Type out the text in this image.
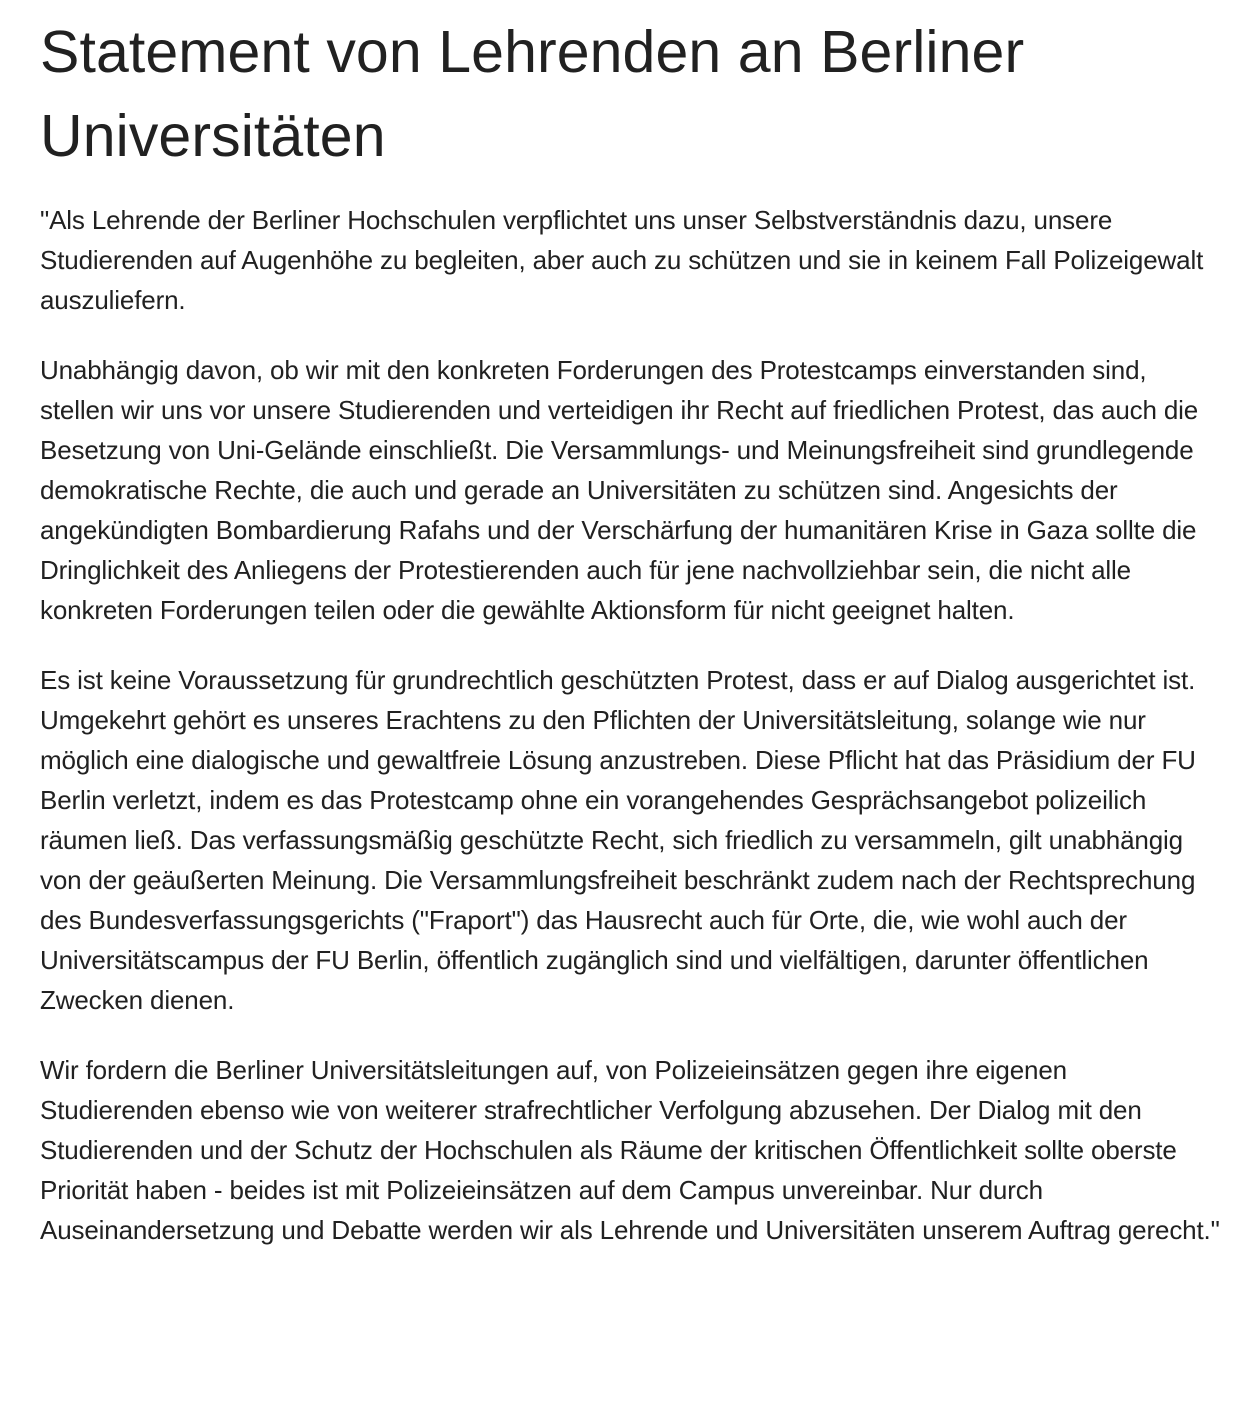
Statement von Lehrenden an Berliner Universitäten

"Als Lehrende der Berliner Hochschulen verpflichtet uns unser Selbstverständnis dazu, unsere Studierenden auf Augenhöhe zu begleiten, aber auch zu schützen und sie in keinem Fall Polizeigewalt auszuliefern.

Unabhängig davon, ob wir mit den konkreten Forderungen des Protestcamps einverstanden sind, stellen wir uns vor unsere Studierenden und verteidigen ihr Recht auf friedlichen Protest, das auch die Besetzung von Uni-Gelände einschließt. Die Versammlungs- und Meinungsfreiheit sind grundlegende demokratische Rechte, die auch und gerade an Universitäten zu schützen sind. Angesichts der angekündigten Bombardierung Rafahs und der Verschärfung der humanitären Krise in Gaza sollte die Dringlichkeit des Anliegens der Protestierenden auch für jene nachvollziehbar sein, die nicht alle konkreten Forderungen teilen oder die gewählte Aktionsform für nicht geeignet halten.

Es ist keine Voraussetzung für grundrechtlich geschützten Protest, dass er auf Dialog ausgerichtet ist. Umgekehrt gehört es unseres Erachtens zu den Pflichten der Universitätsleitung, solange wie nur möglich eine dialogische und gewaltfreie Lösung anzustreben. Diese Pflicht hat das Präsidium der FU Berlin verletzt, indem es das Protestcamp ohne ein vorangehendes Gesprächsangebot polizeilich räumen ließ. Das verfassungsmäßig geschützte Recht, sich friedlich zu versammeln, gilt unabhängig von der geäußerten Meinung. Die Versammlungsfreiheit beschränkt zudem nach der Rechtsprechung des Bundesverfassungsgerichts ("Fraport") das Hausrecht auch für Orte, die, wie wohl auch der Universitätscampus der FU Berlin, öffentlich zugänglich sind und vielfältigen, darunter öffentlichen Zwecken dienen.

Wir fordern die Berliner Universitätsleitungen auf, von Polizeieinsätzen gegen ihre eigenen Studierenden ebenso wie von weiterer strafrechtlicher Verfolgung abzusehen. Der Dialog mit den Studierenden und der Schutz der Hochschulen als Räume der kritischen Öffentlichkeit sollte oberste Priorität haben - beides ist mit Polizeieinsätzen auf dem Campus unvereinbar. Nur durch Auseinandersetzung und Debatte werden wir als Lehrende und Universitäten unserem Auftrag gerecht."
